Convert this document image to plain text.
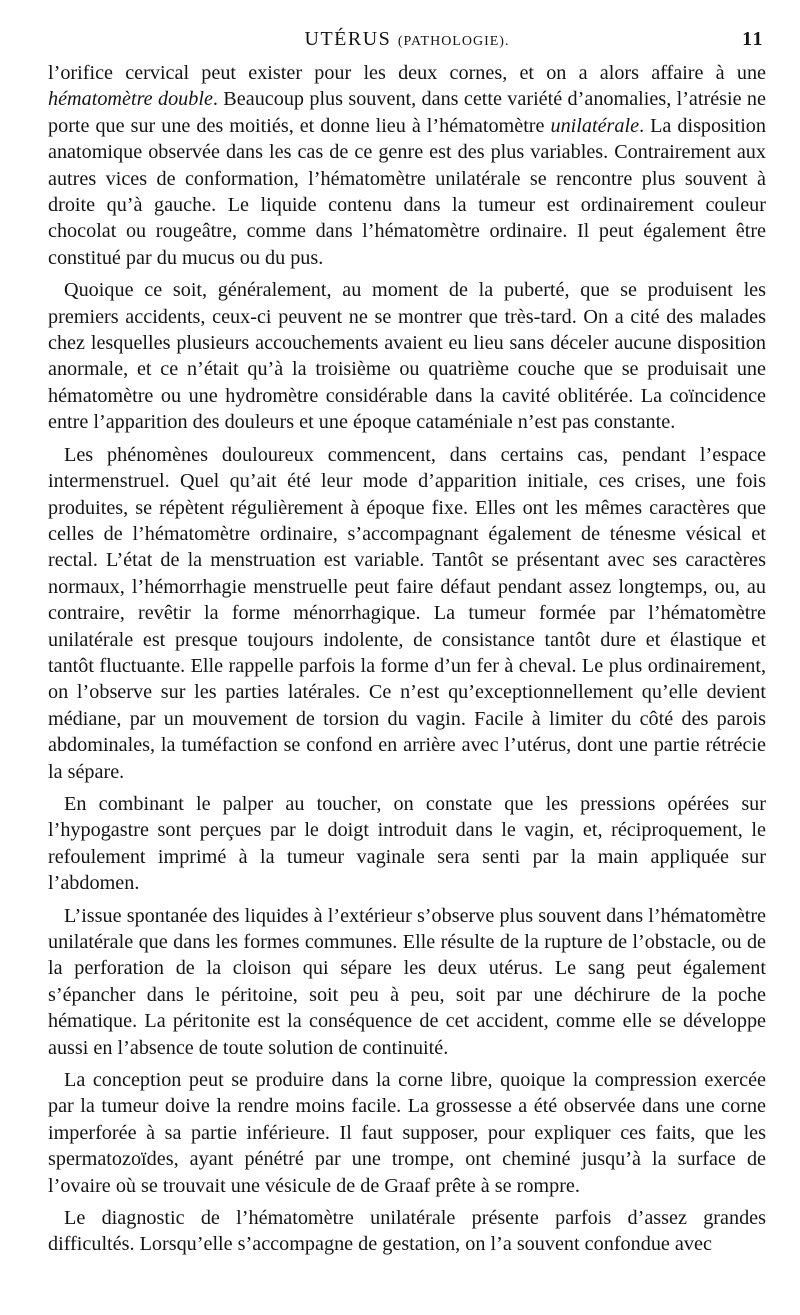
UTÉRUS (PATHOLOGIE).	11

l’orifice cervical peut exister pour les deux cornes, et on a alors affaire à une hématomètre double. Beaucoup plus souvent, dans cette variété d’anomalies, l’atrésie ne porte que sur une des moitiés, et donne lieu à l’hématomètre unilatérale. La disposition anatomique observée dans les cas de ce genre est des plus variables. Contrairement aux autres vices de conformation, l’hématomètre unilatérale se rencontre plus souvent à droite qu’à gauche. Le liquide contenu dans la tumeur est ordinairement couleur chocolat ou rougeâtre, comme dans l’hématomètre ordinaire. Il peut également être constitué par du mucus ou du pus.

Quoique ce soit, généralement, au moment de la puberté, que se produisent les premiers accidents, ceux-ci peuvent ne se montrer que très-tard. On a cité des malades chez lesquelles plusieurs accouchements avaient eu lieu sans déceler aucune disposition anormale, et ce n’était qu’à la troisième ou quatrième couche que se produisait une hématomètre ou une hydromètre considérable dans la cavité oblitérée. La coïncidence entre l’apparition des douleurs et une époque cataméniale n’est pas constante.

Les phénomènes douloureux commencent, dans certains cas, pendant l’espace intermenstruel. Quel qu’ait été leur mode d’apparition initiale, ces crises, une fois produites, se répètent régulièrement à époque fixe. Elles ont les mêmes caractères que celles de l’hématomètre ordinaire, s’accompagnant également de ténesme vésical et rectal. L’état de la menstruation est variable. Tantôt se présentant avec ses caractères normaux, l’hémorrhagie menstruelle peut faire défaut pendant assez longtemps, ou, au contraire, revêtir la forme ménorrhagique. La tumeur formée par l’hématomètre unilatérale est presque toujours indolente, de consistance tantôt dure et élastique et tantôt fluctuante. Elle rappelle parfois la forme d’un fer à cheval. Le plus ordinairement, on l’observe sur les parties latérales. Ce n’est qu’exceptionnellement qu’elle devient médiane, par un mouvement de torsion du vagin. Facile à limiter du côté des parois abdominales, la tuméfaction se confond en arrière avec l’utérus, dont une partie rétrécie la sépare.

En combinant le palper au toucher, on constate que les pressions opérées sur l’hypogastre sont perçues par le doigt introduit dans le vagin, et, réciproquement, le refoulement imprimé à la tumeur vaginale sera senti par la main appliquée sur l’abdomen.

L’issue spontanée des liquides à l’extérieur s’observe plus souvent dans l’hématomètre unilatérale que dans les formes communes. Elle résulte de la rupture de l’obstacle, ou de la perforation de la cloison qui sépare les deux utérus. Le sang peut également s’épancher dans le péritoine, soit peu à peu, soit par une déchirure de la poche hématique. La péritonite est la conséquence de cet accident, comme elle se développe aussi en l’absence de toute solution de continuité.

La conception peut se produire dans la corne libre, quoique la compression exercée par la tumeur doive la rendre moins facile. La grossesse a été observée dans une corne imperforée à sa partie inférieure. Il faut supposer, pour expliquer ces faits, que les spermatozoïdes, ayant pénétré par une trompe, ont cheminé jusqu’à la surface de l’ovaire où se trouvait une vésicule de de Graaf prête à se rompre.

Le diagnostic de l’hématomètre unilatérale présente parfois d’assez grandes difficultés. Lorsqu’elle s’accompagne de gestation, on l’a souvent confondue avec
